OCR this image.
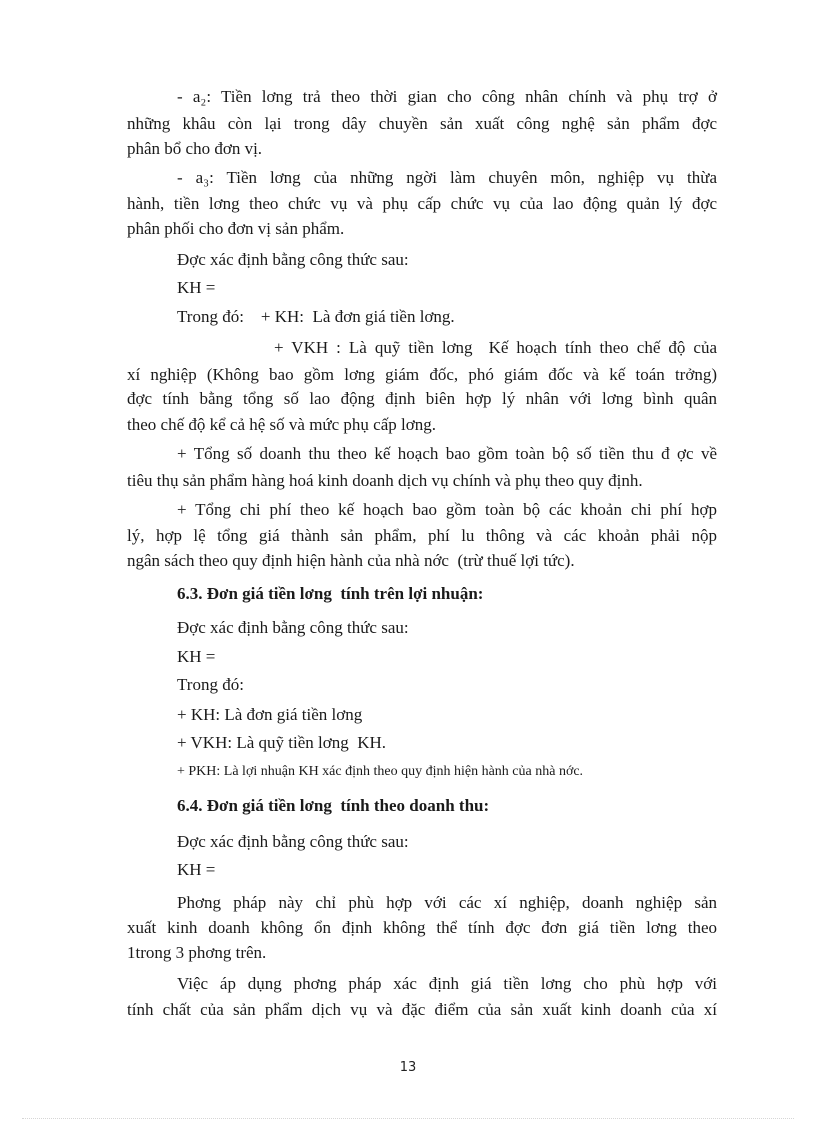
- a₂: Tiền lơng trả theo thời gian cho công nhân chính và phụ trợ ở
những khâu còn lại trong dây chuyền sản xuất công nghệ sản phẩm đợc
phân bổ cho đơn vị.
- a₃: Tiền lơng của những ngời làm chuyên môn, nghiệp vụ thừa
hành, tiền lơng theo chức vụ và phụ cấp chức vụ của lao động quản lý đợc
phân phối cho đơn vị sản phẩm.
Đợc xác định bằng công thức sau:
KH =
Trong đó:    + KH:  Là đơn giá tiền lơng.
+ VKH : Là quỹ tiền lơng  Kế hoạch tính theo chế độ của
xí nghiệp (Không bao gồm lơng giám đốc, phó giám đốc và kế toán trởng)
đợc tính bằng tổng số lao động định biên hợp lý nhân với lơng bình quân
theo chế độ kể cả hệ số và mức phụ cấp lơng.
+ Tổng số doanh thu theo kế hoạch bao gồm toàn bộ số tiền thu đ ợc về
tiêu thụ sản phẩm hàng hoá kinh doanh dịch vụ chính và phụ theo quy định.
+ Tổng chi phí theo kế hoạch bao gồm toàn bộ các khoản chi phí hợp
lý, hợp lệ tổng giá thành sản phẩm, phí lu thông và các khoản phải nộp
ngân sách theo quy định hiện hành của nhà nớc  (trừ thuế lợi tức).
6.3. Đơn giá tiền lơng  tính trên lợi nhuận:
Đợc xác định bằng công thức sau:
KH =
Trong đó:
+ KH: Là đơn giá tiền lơng
+ VKH: Là quỹ tiền lơng  KH.
+ PKH: Là lợi nhuận KH xác định theo quy định hiện hành của nhà nớc.
6.4. Đơn giá tiền lơng  tính theo doanh thu:
Đợc xác định bằng công thức sau:
KH =
Phơng pháp này chỉ phù hợp với các xí nghiệp, doanh nghiệp sản
xuất kinh doanh không ổn định không thể tính đợc đơn giá tiền lơng theo
1trong 3 phơng trên.
Việc áp dụng phơng pháp xác định giá tiền lơng cho phù hợp với
tính chất của sản phẩm dịch vụ và đặc điểm của sản xuất kinh doanh của xí
13
